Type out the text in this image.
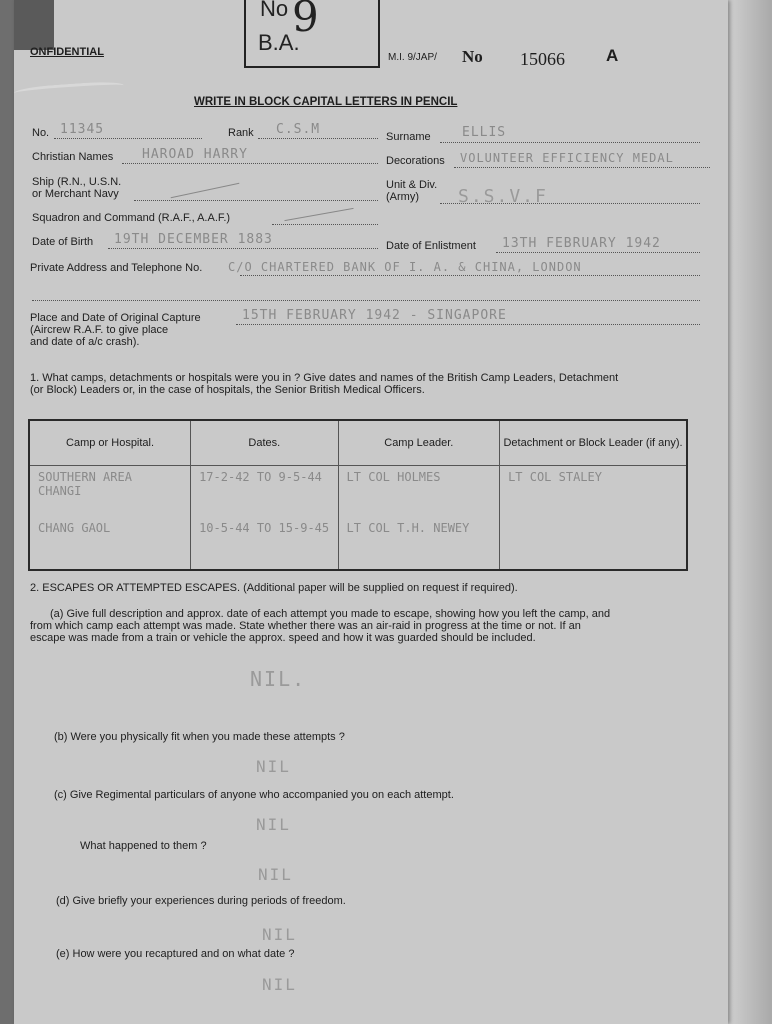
No
B.A.
9
ONFIDENTIAL	M.I. 9/JAP/ No 15066 A
WRITE IN BLOCK CAPITAL LETTERS IN PENCIL
No. 11345	Rank C.S.M	Surname ELLIS
Christian Names HAROAD HARRY	Decorations VOLUNTEER EFFICIENCY MEDAL
Ship (R.N., U.S.N.
or Merchant Navy
Unit & Div.
(Army) S.S.V.F
Squadron and Command (R.A.F., A.A.F.)
Date of Birth 19TH DECEMBER 1883	Date of Enlistment 13TH FEBRUARY 1942
Private Address and Telephone No. C/O CHARTERED BANK OF I. A. & CHINA, LONDON
Place and Date of Original Capture
(Aircrew R.A.F. to give place
and date of a/c crash).
15TH FEBRUARY 1942 - SINGAPORE
1. What camps, detachments or hospitals were you in ? Give dates and names of the British Camp Leaders, Detachment
(or Block) Leaders or, in the case of hospitals, the Senior British Medical Officers.
Camp or Hospital.	Dates.	Camp Leader.	Detachment or Block Leader (if any).
SOUTHERN AREA CHANGI	17-2-42 TO 9-5-44	LT COL HOLMES	LT COL STALEY
CHANG GAOL	10-5-44 TO 15-9-45	LT COL T.H. NEWEY	
2. ESCAPES OR ATTEMPTED ESCAPES. (Additional paper will be supplied on request if required).
(a) Give full description and approx. date of each attempt you made to escape, showing how you left the camp, and
from which camp each attempt was made. State whether there was an air-raid in progress at the time or not. If an
escape was made from a train or vehicle the approx. speed and how it was guarded should be included.
NIL.
(b) Were you physically fit when you made these attempts ?
NIL
(c) Give Regimental particulars of anyone who accompanied you on each attempt.
NIL
What happened to them ?
NIL
(d) Give briefly your experiences during periods of freedom.
NIL
(e) How were you recaptured and on what date ?
NIL
